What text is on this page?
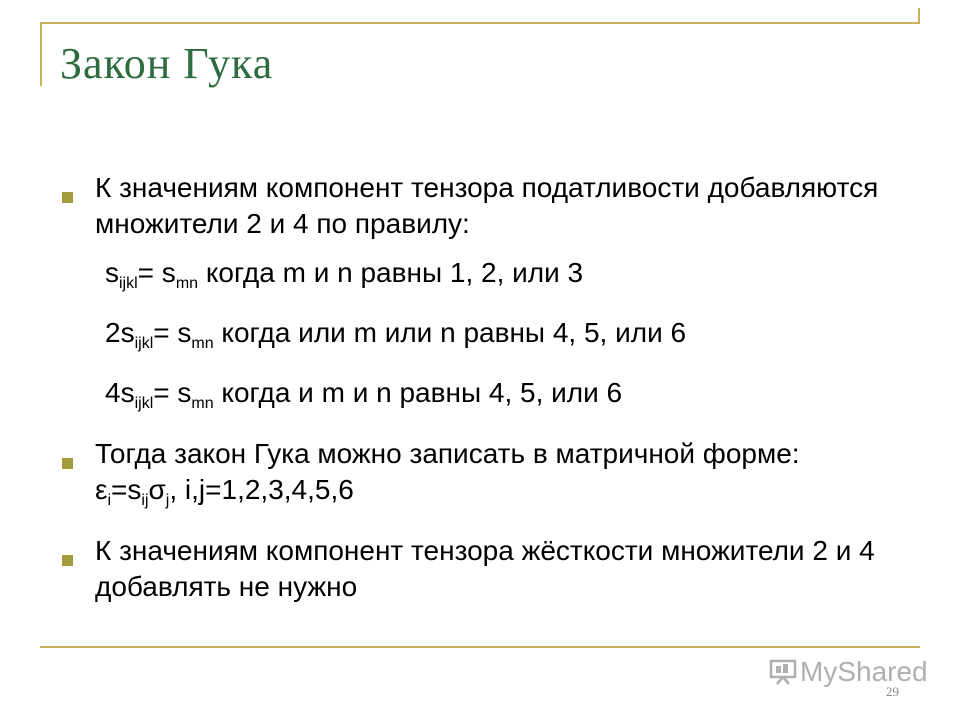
Закон Гука
К значениям компонент тензора податливости добавляются множители 2 и 4 по правилу:
$s_{ijkl}= s_{mn}$ когда m и n равны 1, 2, или 3
$2s_{ijkl}= s_{mn}$ когда или m или n равны 4, 5, или 6
$4s_{ijkl}= s_{mn}$ когда и m и n равны 4, 5, или 6
Тогда закон Гука можно записать в матричной форме: $\varepsilon_i=s_{ij}\sigma_j$, i,j=1,2,3,4,5,6
К значениям компонент тензора жёсткости множители 2 и 4 добавлять не нужно
MyShared
29
